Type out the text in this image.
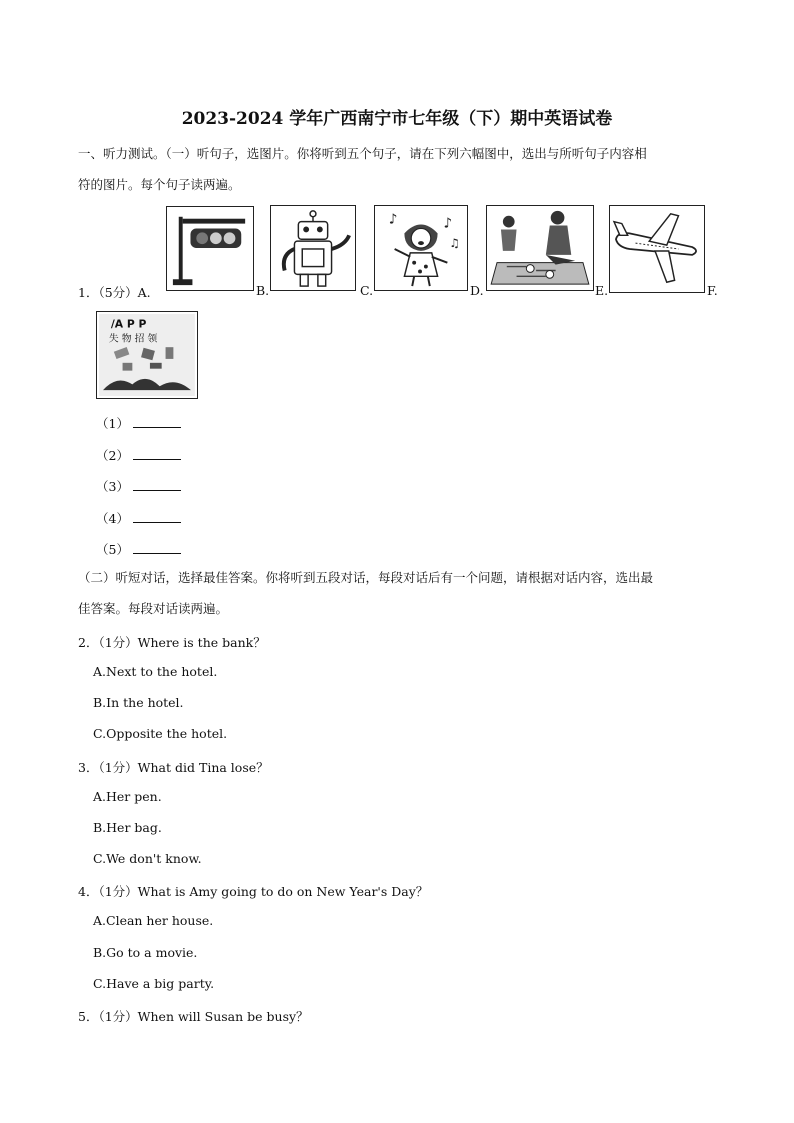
2023-2024 学年广西南宁市七年级（下）期中英语试卷
一、听力测试。（一）听句子，选图片。你将听到五个句子，请在下列六幅图中，选出与所听句子内容相
符的图片。每个句子读两遍。
1．（5分）A.	B.	C.
♪	♪
♫
D.	E.	F.
/A P P
失 物 招 领
（1）
（2）
（3）
（4）
（5）
（二）听短对话，选择最佳答案。你将听到五段对话，每段对话后有一个问题，请根据对话内容，选出最
佳答案。每段对话读两遍。
2．（1分）Where is the bank？
A.Next to the hotel.
B.In the hotel.
C.Opposite the hotel.
3．（1分）What did Tina lose？
A.Her pen.
B.Her bag.
C.We don't know.
4．（1分）What is Amy going to do on New Year's Day？
A.Clean her house.
B.Go to a movie.
C.Have a big party.
5．（1分）When will Susan be busy？
